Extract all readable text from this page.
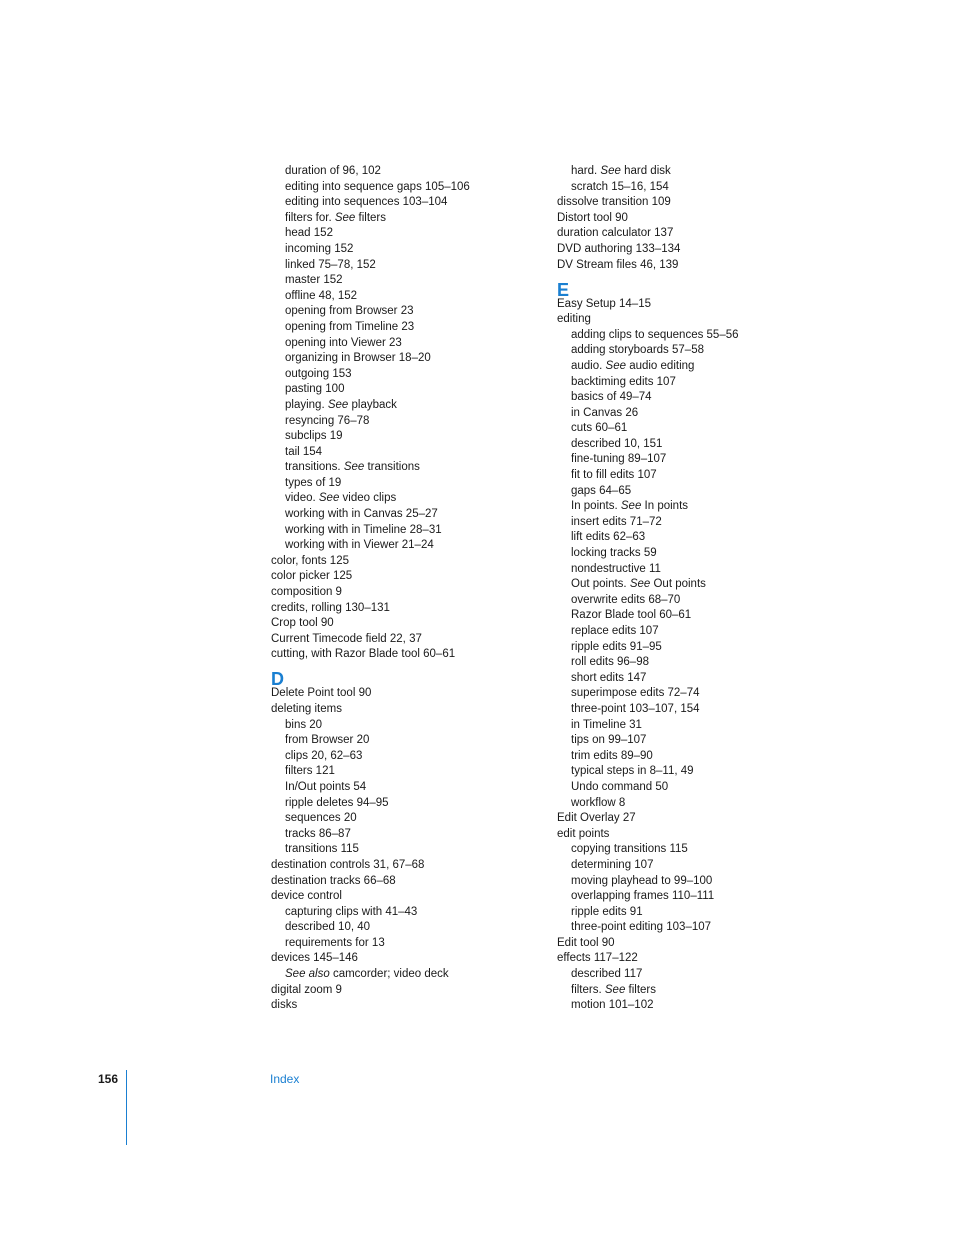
duration of 96, 102
editing into sequence gaps 105–106
editing into sequences 103–104
filters for. See filters
head 152
incoming 152
linked 75–78, 152
master 152
offline 48, 152
opening from Browser 23
opening from Timeline 23
opening into Viewer 23
organizing in Browser 18–20
outgoing 153
pasting 100
playing. See playback
resyncing 76–78
subclips 19
tail 154
transitions. See transitions
types of 19
video. See video clips
working with in Canvas 25–27
working with in Timeline 28–31
working with in Viewer 21–24
color, fonts 125
color picker 125
composition 9
credits, rolling 130–131
Crop tool 90
Current Timecode field 22, 37
cutting, with Razor Blade tool 60–61
D
Delete Point tool 90
deleting items
bins 20
from Browser 20
clips 20, 62–63
filters 121
In/Out points 54
ripple deletes 94–95
sequences 20
tracks 86–87
transitions 115
destination controls 31, 67–68
destination tracks 66–68
device control
capturing clips with 41–43
described 10, 40
requirements for 13
devices 145–146
See also camcorder; video deck
digital zoom 9
disks
hard. See hard disk
scratch 15–16, 154
dissolve transition 109
Distort tool 90
duration calculator 137
DVD authoring 133–134
DV Stream files 46, 139
E
Easy Setup 14–15
editing
adding clips to sequences 55–56
adding storyboards 57–58
audio. See audio editing
backtiming edits 107
basics of 49–74
in Canvas 26
cuts 60–61
described 10, 151
fine-tuning 89–107
fit to fill edits 107
gaps 64–65
In points. See In points
insert edits 71–72
lift edits 62–63
locking tracks 59
nondestructive 11
Out points. See Out points
overwrite edits 68–70
Razor Blade tool 60–61
replace edits 107
ripple edits 91–95
roll edits 96–98
short edits 147
superimpose edits 72–74
three-point 103–107, 154
in Timeline 31
tips on 99–107
trim edits 89–90
typical steps in 8–11, 49
Undo command 50
workflow 8
Edit Overlay 27
edit points
copying transitions 115
determining 107
moving playhead to 99–100
overlapping frames 110–111
ripple edits 91
three-point editing 103–107
Edit tool 90
effects 117–122
described 117
filters. See filters
motion 101–102
156	Index
